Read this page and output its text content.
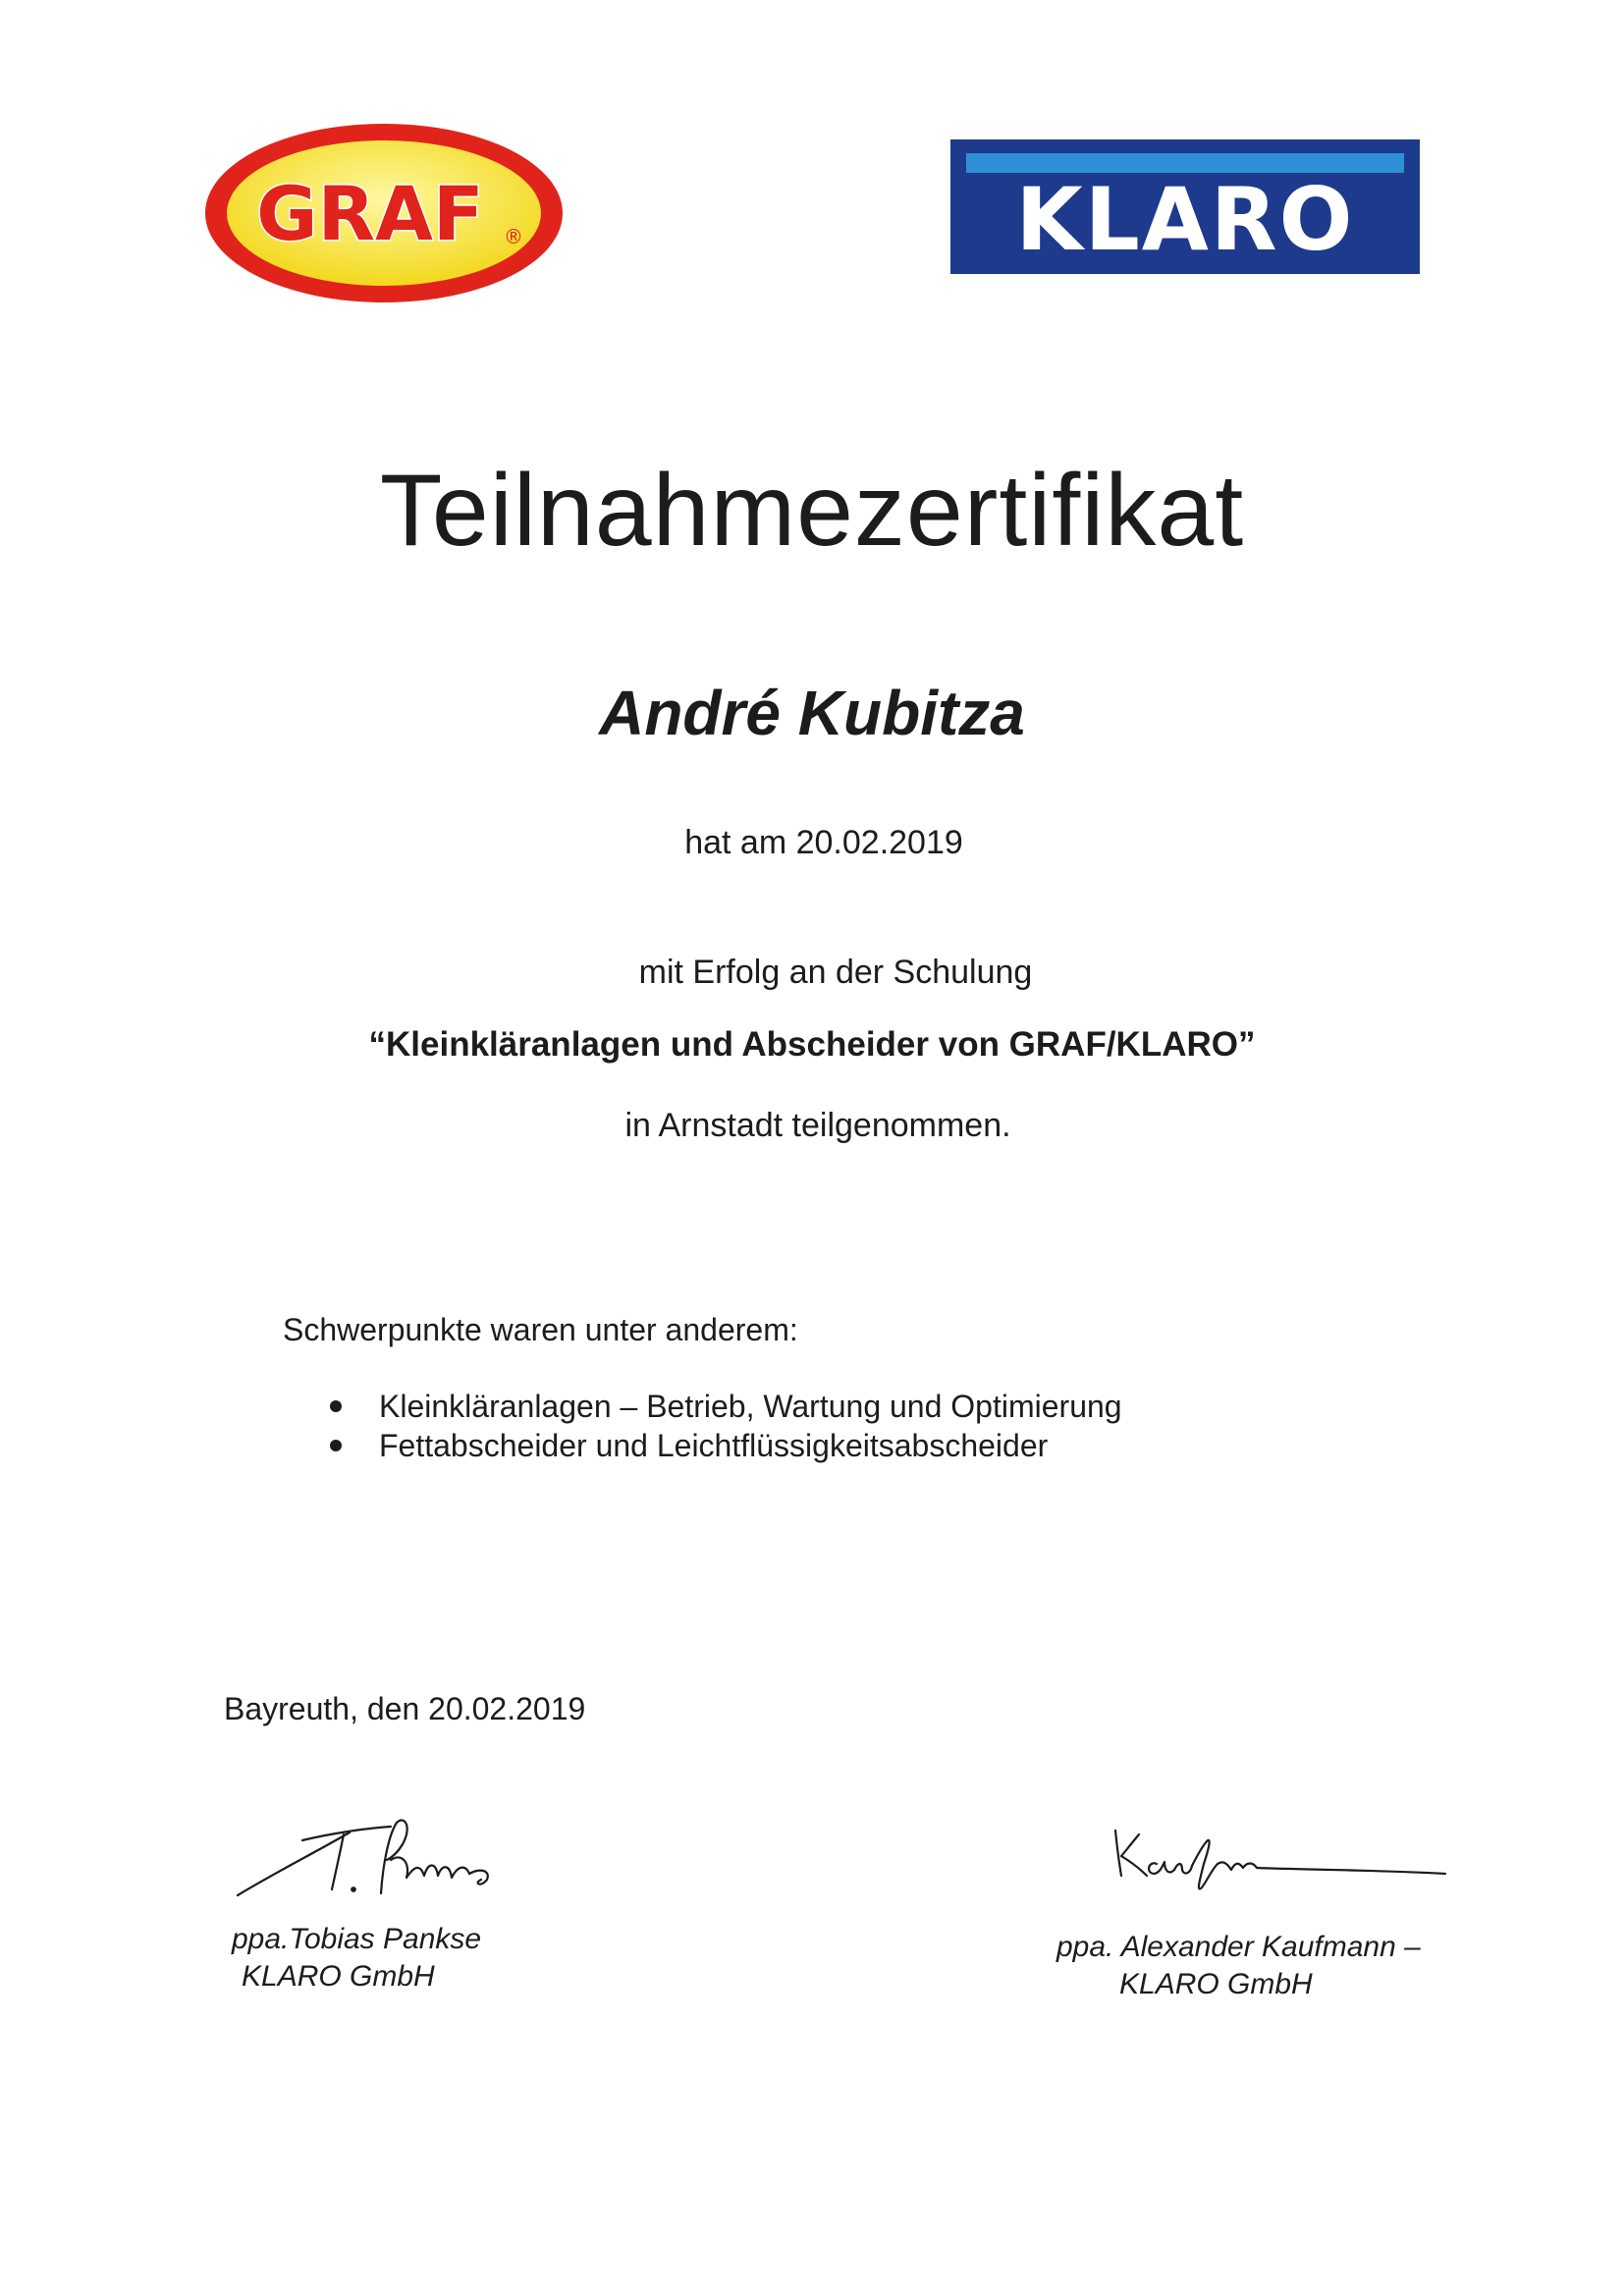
GRAF ®	KLARO
Teilnahmezertifikat
André Kubitza
hat am 20.02.2019
mit Erfolg an der Schulung
“Kleinkläranlagen und Abscheider von GRAF/KLARO”
in Arnstadt teilgenommen.
Schwerpunkte waren unter anderem:
Kleinkläranlagen – Betrieb, Wartung und Optimierung
Fettabscheider und Leichtflüssigkeitsabscheider
Bayreuth, den 20.02.2019
ppa.Tobias Pankse
KLARO GmbH
ppa. Alexander Kaufmann –
KLARO GmbH
